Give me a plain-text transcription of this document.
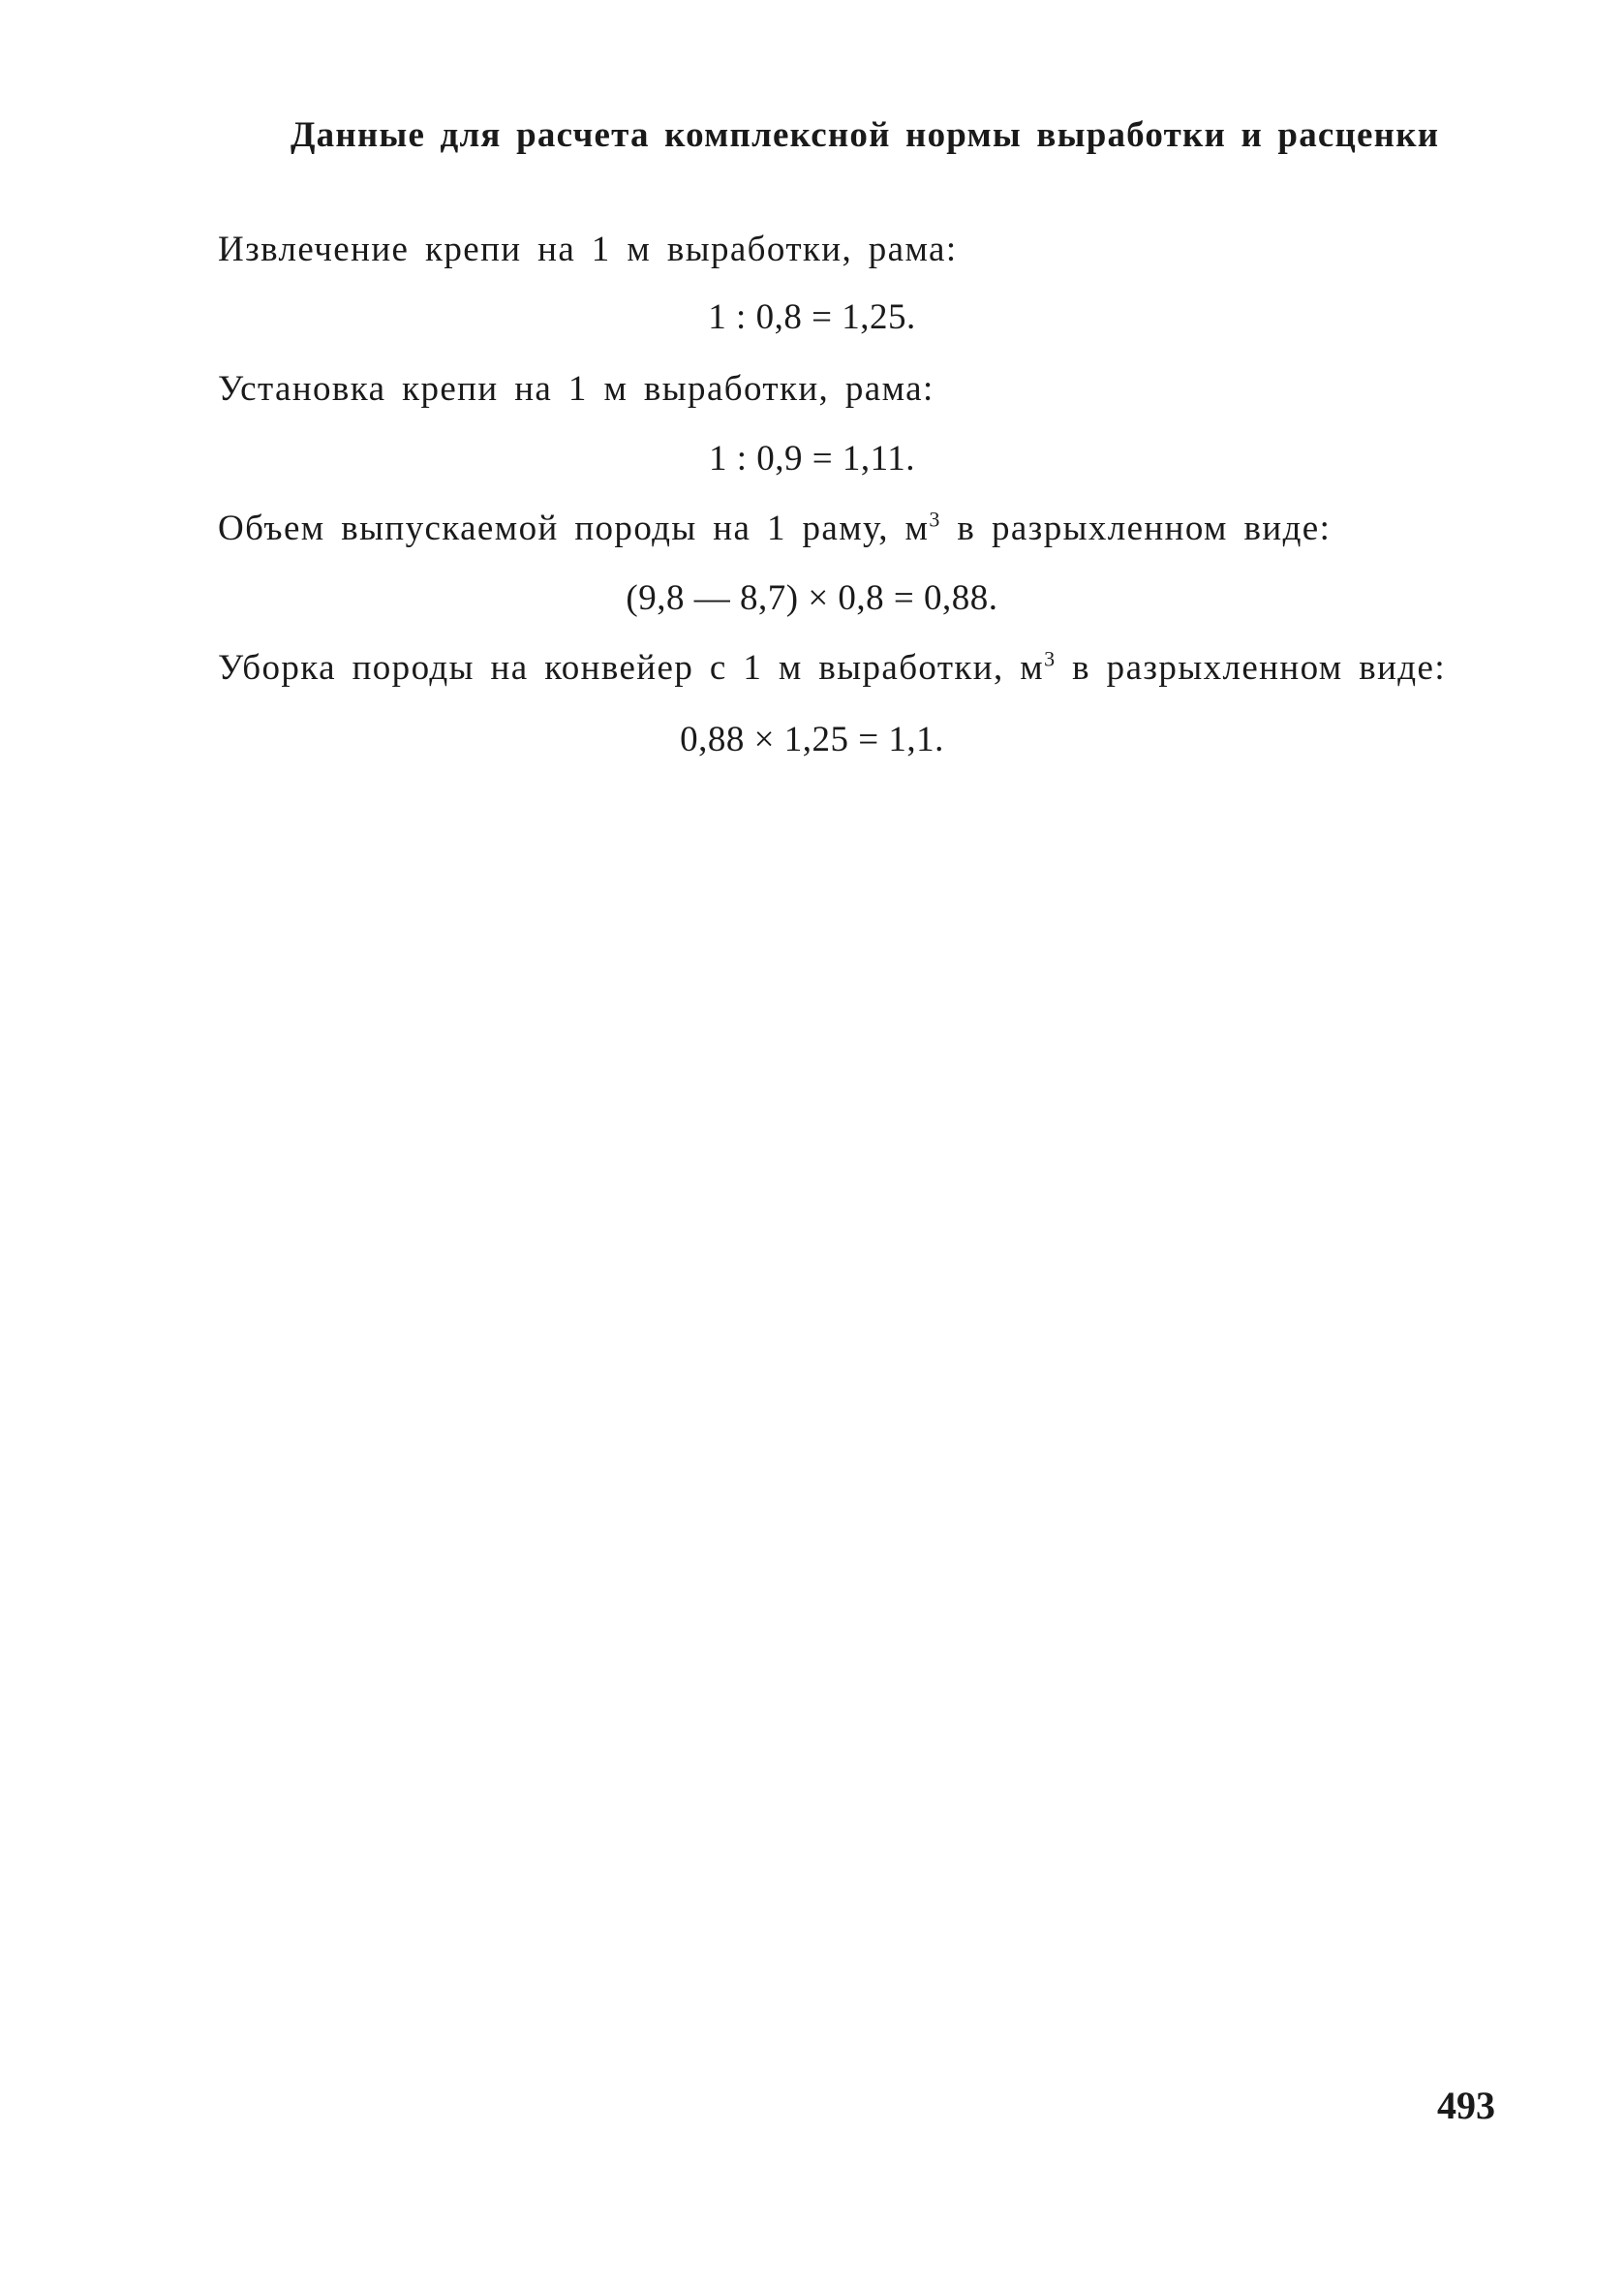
Данные для расчета комплексной нормы выработки и расценки
Извлечение крепи на 1 м выработки, рама:
1 : 0,8 = 1,25.
Установка крепи на 1 м выработки, рама:
1 : 0,9 = 1,11.
Объем выпускаемой породы на 1 раму, $м^3$ в разрыхленном виде:
(9,8 — 8,7) × 0,8 = 0,88.
Уборка породы на конвейер с 1 м выработки, $м^3$ в разрыхленном виде:
0,88 × 1,25 = 1,1.
493
